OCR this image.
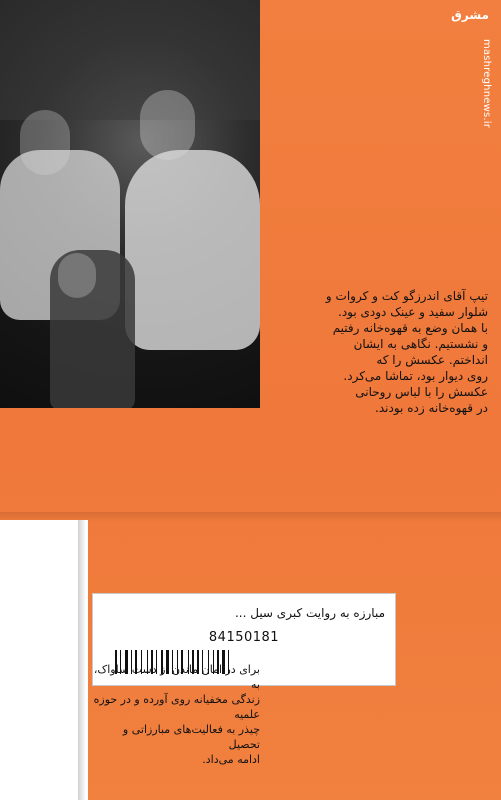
مشرق
mashreghnews.ir
تیپ آقای اندرزگو کت و کروات و
شلوار سفید و عینک دودی بود.
با همان وضع به قهوه‌خانه رفتیم
و نشستیم. نگاهی به ایشان
انداختم. عکسش را که
روی دیوار بود، تماشا می‌کرد.
عکسش را با لباس روحانی
در قهوه‌خانه زده بودند.
مبارزه به روایت کبری سیل ...
84150181
برای در امان ماندن از دست ساواک، به
زندگی مخفیانه روی آورده و در حوزه علمیه
چیذر به فعالیت‌های مبارزاتی و تحصیل
ادامه می‌داد.
